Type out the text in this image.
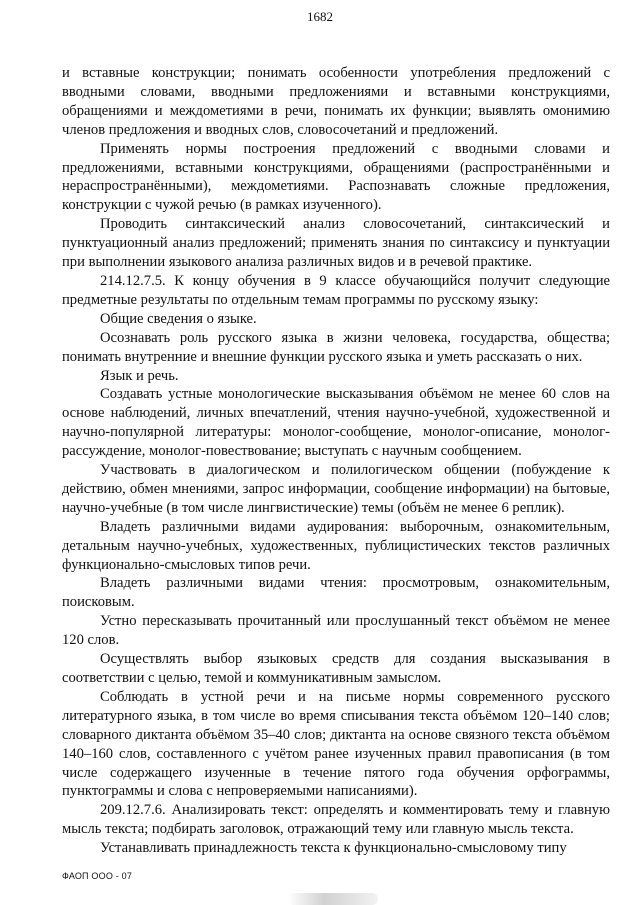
1682

и вставные конструкции; понимать особенности употребления предложений с вводными словами, вводными предложениями и вставными конструкциями, обращениями и междометиями в речи, понимать их функции; выявлять омонимию членов предложения и вводных слов, словосочетаний и предложений.

Применять нормы построения предложений с вводными словами и предложениями, вставными конструкциями, обращениями (распространёнными и нераспространёнными), междометиями. Распознавать сложные предложения, конструкции с чужой речью (в рамках изученного).

Проводить синтаксический анализ словосочетаний, синтаксический и пунктуационный анализ предложений; применять знания по синтаксису и пунктуации при выполнении языкового анализа различных видов и в речевой практике.

214.12.7.5. К концу обучения в 9 классе обучающийся получит следующие предметные результаты по отдельным темам программы по русскому языку:

Общие сведения о языке.

Осознавать роль русского языка в жизни человека, государства, общества; понимать внутренние и внешние функции русского языка и уметь рассказать о них.

Язык и речь.

Создавать устные монологические высказывания объёмом не менее 60 слов на основе наблюдений, личных впечатлений, чтения научно-учебной, художественной и научно-популярной литературы: монолог-сообщение, монолог-описание, монолог-рассуждение, монолог-повествование; выступать с научным сообщением.

Участвовать в диалогическом и полилогическом общении (побуждение к действию, обмен мнениями, запрос информации, сообщение информации) на бытовые, научно-учебные (в том числе лингвистические) темы (объём не менее 6 реплик).

Владеть различными видами аудирования: выборочным, ознакомительным, детальным научно-учебных, художественных, публицистических текстов различных функционально-смысловых типов речи.

Владеть различными видами чтения: просмотровым, ознакомительным, поисковым.

Устно пересказывать прочитанный или прослушанный текст объёмом не менее 120 слов.

Осуществлять выбор языковых средств для создания высказывания в соответствии с целью, темой и коммуникативным замыслом.

Соблюдать в устной речи и на письме нормы современного русского литературного языка, в том числе во время списывания текста объёмом 120–140 слов; словарного диктанта объёмом 35–40 слов; диктанта на основе связного текста объёмом 140–160 слов, составленного с учётом ранее изученных правил правописания (в том числе содержащего изученные в течение пятого года обучения орфограммы, пунктограммы и слова с непроверяемыми написаниями).

209.12.7.6. Анализировать текст: определять и комментировать тему и главную мысль текста; подбирать заголовок, отражающий тему или главную мысль текста.

Устанавливать принадлежность текста к функционально-смысловому типу

ФАОП ООО - 07
